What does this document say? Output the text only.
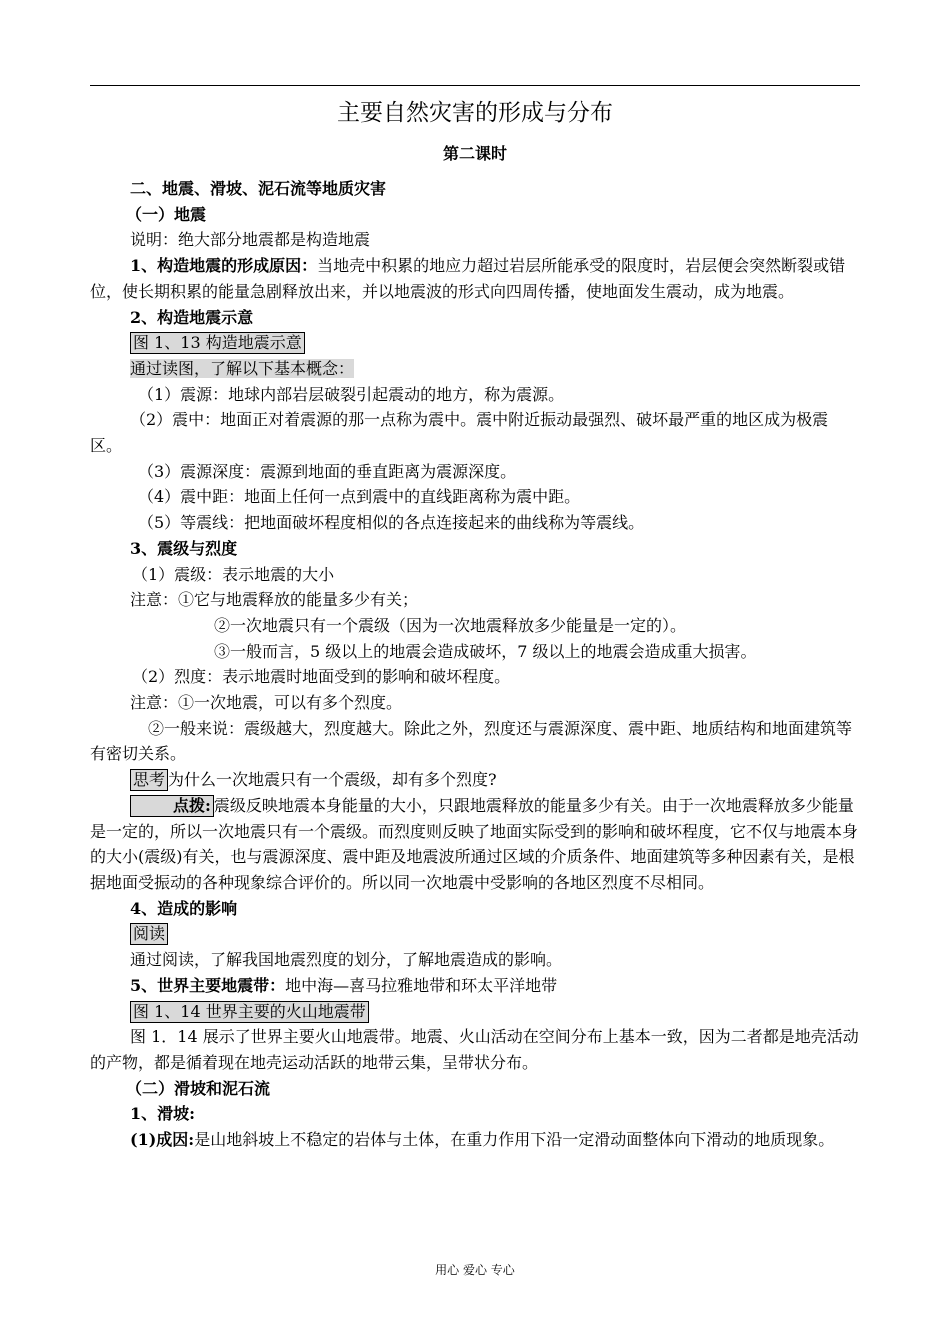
主要自然灾害的形成与分布
第二课时

二、地震、滑坡、泥石流等地质灾害

（一）地震

说明：绝大部分地震都是构造地震

1、构造地震的形成原因：当地壳中积累的地应力超过岩层所能承受的限度时，岩层便会突然断裂或错位，使长期积累的能量急剧释放出来，并以地震波的形式向四周传播，使地面发生震动，成为地震。

2、构造地震示意

图 1、13 构造地震示意

通过读图，了解以下基本概念：

（1）震源：地球内部岩层破裂引起震动的地方，称为震源。

（2）震中：地面正对着震源的那一点称为震中。震中附近振动最强烈、破坏最严重的地区成为极震区。

（3）震源深度：震源到地面的垂直距离为震源深度。

（4）震中距：地面上任何一点到震中的直线距离称为震中距。

（5）等震线：把地面破坏程度相似的各点连接起来的曲线称为等震线。

3、震级与烈度

（1）震级：表示地震的大小

注意：①它与地震释放的能量多少有关；

②一次地震只有一个震级（因为一次地震释放多少能量是一定的）。

③一般而言，5 级以上的地震会造成破坏，7 级以上的地震会造成重大损害。

（2）烈度：表示地震时地面受到的影响和破坏程度。

注意：①一次地震，可以有多个烈度。

②一般来说：震级越大，烈度越大。除此之外，烈度还与震源深度、震中距、地质结构和地面建筑等有密切关系。

思考 为什么一次地震只有一个震级，却有多个烈度?

点拨: 震级反映地震本身能量的大小，只跟地震释放的能量多少有关。由于一次地震释放多少能量是一定的，所以一次地震只有一个震级。而烈度则反映了地面实际受到的影响和破坏程度，它不仅与地震本身的大小(震级)有关，也与震源深度、震中距及地震波所通过区域的介质条件、地面建筑等多种因素有关，是根据地面受振动的各种现象综合评价的。所以同一次地震中受影响的各地区烈度不尽相同。

4、造成的影响

阅读

通过阅读，了解我国地震烈度的划分，了解地震造成的影响。

5、世界主要地震带：地中海—喜马拉雅地带和环太平洋地带

图 1、14 世界主要的火山地震带

图 1．14 展示了世界主要火山地震带。地震、火山活动在空间分布上基本一致，因为二者都是地壳活动的产物，都是循着现在地壳运动活跃的地带云集，呈带状分布。

（二）滑坡和泥石流

1、滑坡:

(1)成因:是山地斜坡上不稳定的岩体与土体，在重力作用下沿一定滑动面整体向下滑动的地质现象。

用心 爱心 专心
